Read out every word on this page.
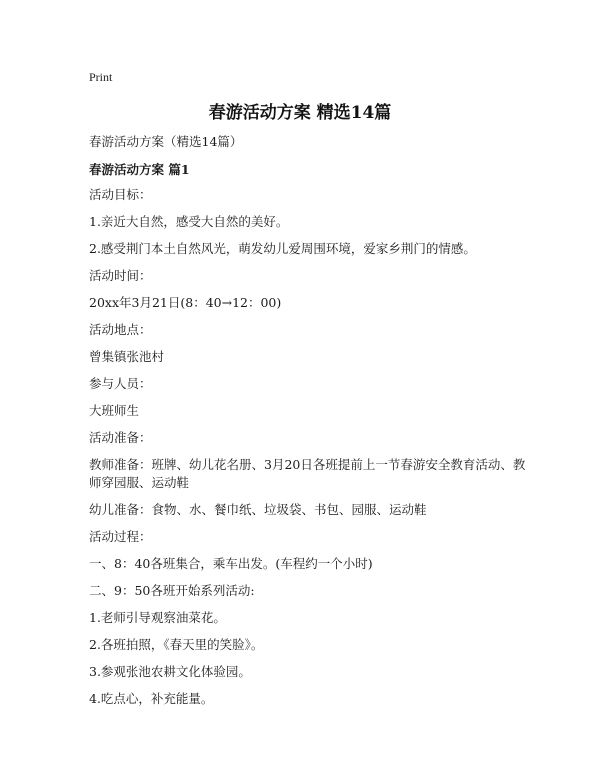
Print
春游活动方案 精选14篇
春游活动方案（精选14篇）
春游活动方案 篇1

活动目标：

1.亲近大自然，感受大自然的美好。

2.感受荆门本土自然风光，萌发幼儿爱周围环境，爱家乡荆门的情感。

活动时间：

20xx年3月21日(8：40→12：00)

活动地点：

曾集镇张池村

参与人员：

大班师生

活动准备：

教师准备：班牌、幼儿花名册、3月20日各班提前上一节春游安全教育活动、教师穿园服、运动鞋

幼儿准备：食物、水、餐巾纸、垃圾袋、书包、园服、运动鞋

活动过程：

一、8：40各班集合，乘车出发。(车程约一个小时)

二、9：50各班开始系列活动:

1.老师引导观察油菜花。

2.各班拍照，《春天里的笑脸》。

3.参观张池农耕文化体验园。

4.吃点心，补充能量。
